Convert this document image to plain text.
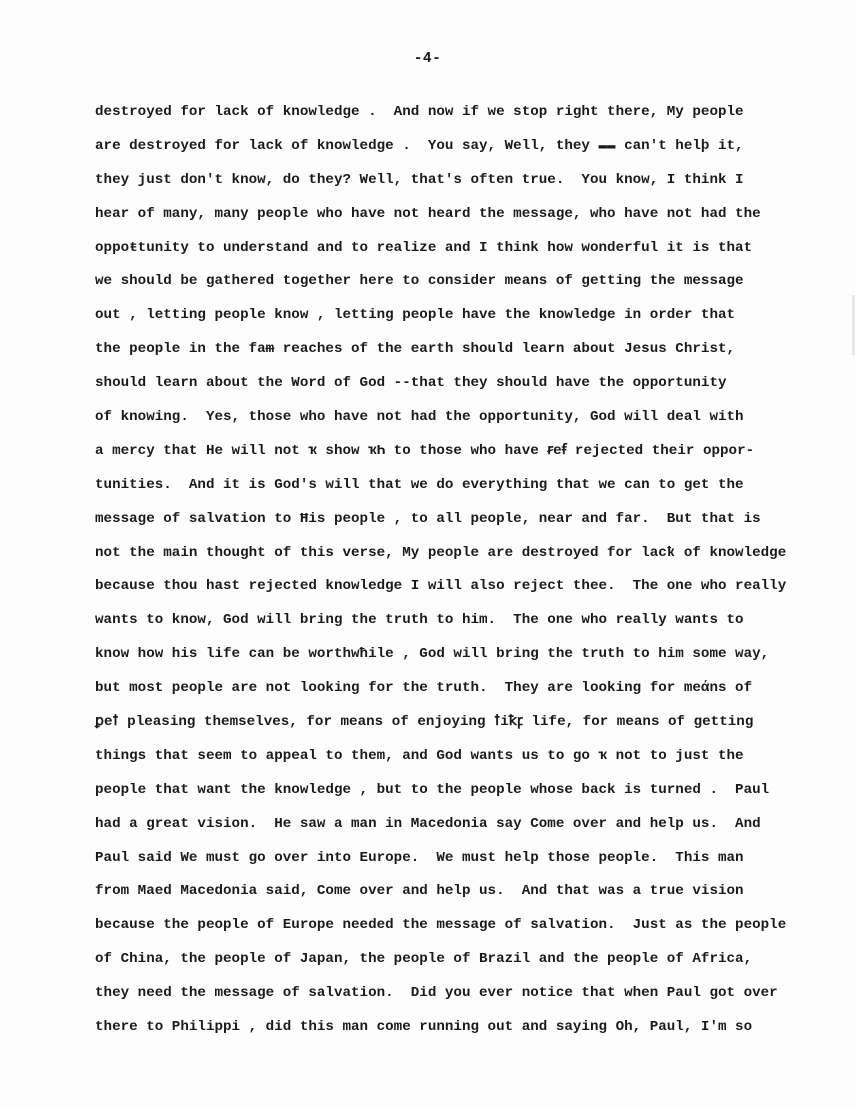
-4-
destroyed for lack of knowledge .  And now if we stop right there, My people
are destroyed for lack of knowledge .  You say, Well, they ▬▬ can't helþ it,
they just don't know, do they? Well, that's often true.  You know, I think I
hear of many, many people who have not heard the message, who have not had the
oppoŧtunity to understand and to realize and I think how wonderful it is that
we should be gathered together here to consider means of getting the message
out , letting people know , letting people have the knowledge in order that
the people in the faᵯ reaches of the earth should learn about Jesus Christ,
should learn about the Word of God --that they should have the opportunity
of knowing.  Yes, those who have not had the opportunity, God will deal with
a mercy that He will not ҡ show ҡҺ to those who have ꞧeꞙ rejected their oppor-
tunities.  And it is God's will that we do everything that we can to get the
message of salvation to Ħis people , to all people, near and far.  But that is
not the main thought of this verse, My people are destroyed for lacҟ of knowledge
because thou hast rejected knowledge I will also reject thee.  The one who really
wants to know, God will bring the truth to him.  The one who really wants to
know how his life can be worthwħile , God will bring the truth to him some way,
but most people are not looking for the truth.  They are looking for meάns of
ꝑeꝉ pleasing themselves, for means of enjoying ꝉiꝁꝼ life, for means of getting
things that seem to appeal to them, and God wants us to go ҡ not to just the
people that want the knowledge , but to the people whose back is turned .  Paul
had a great vision.  He saw a man in Macedonia say Come over and help us.  And
Paul said We must go over into Europe.  We must help those people.  This man
from Maed Macedonia said, Come over and help us.  And that was a true vision
because the people of Europe needed the message of salvation.  Just as the people
of China, the people of Japan, the people of Brazil and the people of Africa,
they need the message of salvation.  Did you ever notice that when Paul got over
there to Philippi , did this man come running out and saying Oh, Paul, I'm so
